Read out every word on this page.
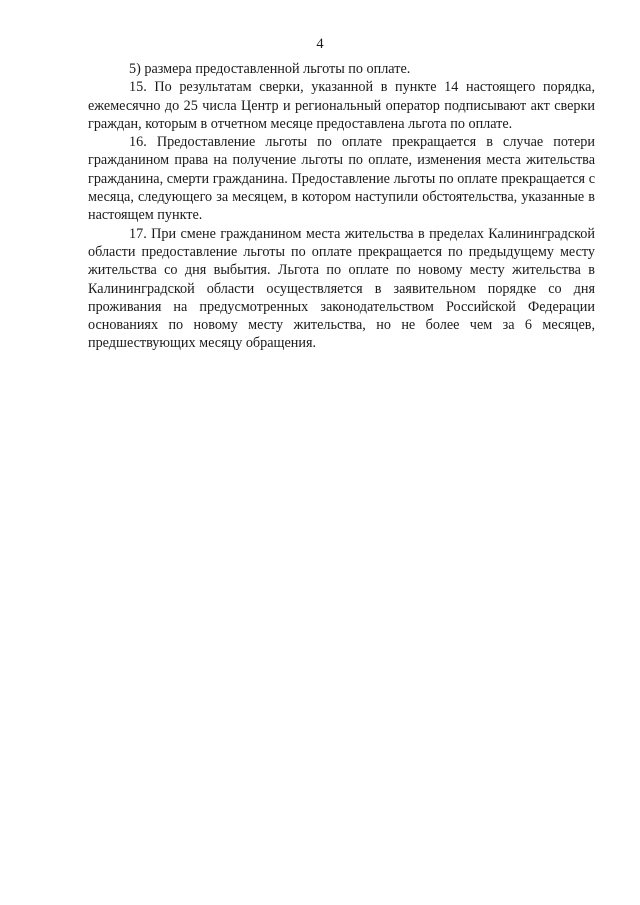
4

5) размера предоставленной льготы по оплате.

15. По результатам сверки, указанной в пункте 14 настоящего порядка, ежемесячно до 25 числа Центр и региональный оператор подписывают акт сверки граждан, которым в отчетном месяце предоставлена льгота по оплате.

16. Предоставление льготы по оплате прекращается в случае потери гражданином права на получение льготы по оплате, изменения места жительства гражданина, смерти гражданина. Предоставление льготы по оплате прекращается с месяца, следующего за месяцем, в котором наступили обстоятельства, указанные в настоящем пункте.

17. При смене гражданином места жительства в пределах Калининградской области предоставление льготы по оплате прекращается по предыдущему месту жительства со дня выбытия. Льгота по оплате по новому месту жительства в Калининградской области осуществляется в заявительном порядке со дня проживания на предусмотренных законодательством Российской Федерации основаниях по новому месту жительства, но не более чем за 6 месяцев, предшествующих месяцу обращения.
